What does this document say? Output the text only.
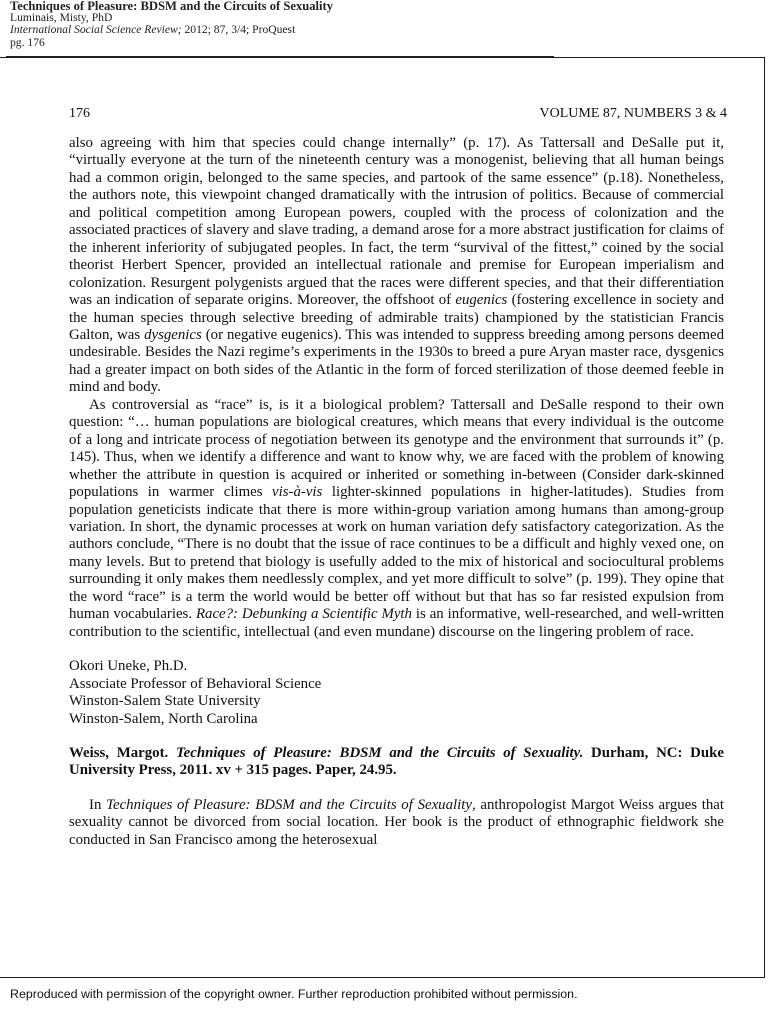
Techniques of Pleasure: BDSM and the Circuits of Sexuality
Luminais, Misty, PhD
International Social Science Review; 2012; 87, 3/4; ProQuest
pg. 176
176	VOLUME 87, NUMBERS 3 & 4

also agreeing with him that species could change internally” (p. 17). As Tattersall and DeSalle put it, “virtually everyone at the turn of the nineteenth century was a monogenist, believing that all human beings had a common origin, belonged to the same species, and partook of the same essence” (p.18). Nonetheless, the authors note, this viewpoint changed dramatically with the intrusion of politics. Because of commercial and political competition among European powers, coupled with the process of colonization and the associated practices of slavery and slave trading, a demand arose for a more abstract justification for claims of the inherent inferiority of subjugated peoples. In fact, the term “survival of the fittest,” coined by the social theorist Herbert Spencer, provided an intellectual rationale and premise for European imperialism and colonization. Resurgent polygenists argued that the races were different species, and that their differentiation was an indication of separate origins. Moreover, the offshoot of eugenics (fostering excellence in society and the human species through selective breeding of admirable traits) championed by the statistician Francis Galton, was dysgenics (or negative eugenics). This was intended to suppress breeding among persons deemed undesirable. Besides the Nazi regime’s experiments in the 1930s to breed a pure Aryan master race, dysgenics had a greater impact on both sides of the Atlantic in the form of forced sterilization of those deemed feeble in mind and body.

As controversial as “race” is, is it a biological problem? Tattersall and DeSalle respond to their own question: “… human populations are biological creatures, which means that every individual is the outcome of a long and intricate process of negotiation between its genotype and the environment that surrounds it” (p. 145). Thus, when we identify a difference and want to know why, we are faced with the problem of knowing whether the attribute in question is acquired or inherited or something in-between (Consider dark-skinned populations in warmer climes vis-à-vis lighter-skinned populations in higher-latitudes). Studies from population geneticists indicate that there is more within-group variation among humans than among-group variation. In short, the dynamic processes at work on human variation defy satisfactory categorization. As the authors conclude, “There is no doubt that the issue of race continues to be a difficult and highly vexed one, on many levels. But to pretend that biology is usefully added to the mix of historical and sociocultural problems surrounding it only makes them needlessly complex, and yet more difficult to solve” (p. 199). They opine that the word “race” is a term the world would be better off without but that has so far resisted expulsion from human vocabularies. Race?: Debunking a Scientific Myth is an informative, well-researched, and well-written contribution to the scientific, intellectual (and even mundane) discourse on the lingering problem of race.

Okori Uneke, Ph.D.
Associate Professor of Behavioral Science
Winston-Salem State University
Winston-Salem, North Carolina

Weiss, Margot. Techniques of Pleasure: BDSM and the Circuits of Sexuality. Durham, NC: Duke University Press, 2011. xv + 315 pages. Paper, 24.95.

In Techniques of Pleasure: BDSM and the Circuits of Sexuality, anthropologist Margot Weiss argues that sexuality cannot be divorced from social location. Her book is the product of ethnographic fieldwork she conducted in San Francisco among the heterosexual

Reproduced with permission of the copyright owner. Further reproduction prohibited without permission.
